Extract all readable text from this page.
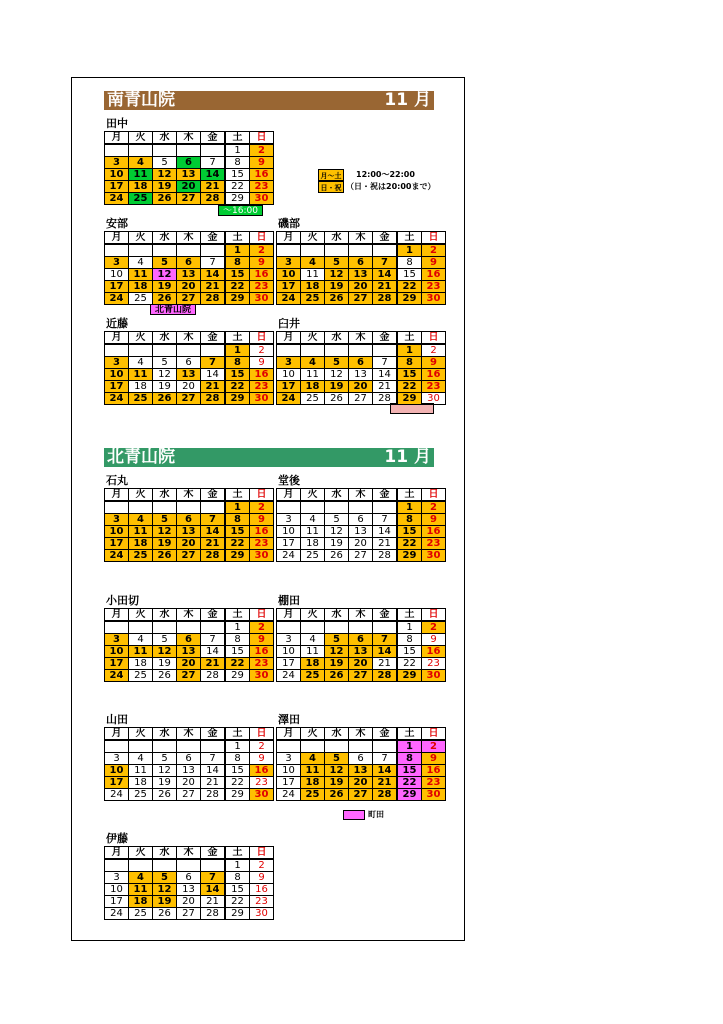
南青山院	11 月
北青山院	11 月
月～土	12:00～22:00
日・祝 （日・祝は20:00まで）
町田
～16:00
北青山院
田中
月	火	水	木	金	土	日
					1	2
3	4	5	6	7	8	9
10	11	12	13	14	15	16
17	18	19	20	21	22	23
24	25	26	27	28	29	30
安部
月	火	水	木	金	土	日
					1	2
3	4	5	6	7	8	9
10	11	12	13	14	15	16
17	18	19	20	21	22	23
24	25	26	27	28	29	30
磯部
月	火	水	木	金	土	日
					1	2
3	4	5	6	7	8	9
10	11	12	13	14	15	16
17	18	19	20	21	22	23
24	25	26	27	28	29	30
近藤
月	火	水	木	金	土	日
					1	2
3	4	5	6	7	8	9
10	11	12	13	14	15	16
17	18	19	20	21	22	23
24	25	26	27	28	29	30
臼井
月	火	水	木	金	土	日
					1	2
3	4	5	6	7	8	9
10	11	12	13	14	15	16
17	18	19	20	21	22	23
24	25	26	27	28	29	30
石丸
月	火	水	木	金	土	日
					1	2
3	4	5	6	7	8	9
10	11	12	13	14	15	16
17	18	19	20	21	22	23
24	25	26	27	28	29	30
堂後
月	火	水	木	金	土	日
					1	2
3	4	5	6	7	8	9
10	11	12	13	14	15	16
17	18	19	20	21	22	23
24	25	26	27	28	29	30
小田切
月	火	水	木	金	土	日
					1	2
3	4	5	6	7	8	9
10	11	12	13	14	15	16
17	18	19	20	21	22	23
24	25	26	27	28	29	30
棚田
月	火	水	木	金	土	日
					1	2
3	4	5	6	7	8	9
10	11	12	13	14	15	16
17	18	19	20	21	22	23
24	25	26	27	28	29	30
山田
月	火	水	木	金	土	日
					1	2
3	4	5	6	7	8	9
10	11	12	13	14	15	16
17	18	19	20	21	22	23
24	25	26	27	28	29	30
澤田
月	火	水	木	金	土	日
					1	2
3	4	5	6	7	8	9
10	11	12	13	14	15	16
17	18	19	20	21	22	23
24	25	26	27	28	29	30
伊藤
月	火	水	木	金	土	日
					1	2
3	4	5	6	7	8	9
10	11	12	13	14	15	16
17	18	19	20	21	22	23
24	25	26	27	28	29	30
